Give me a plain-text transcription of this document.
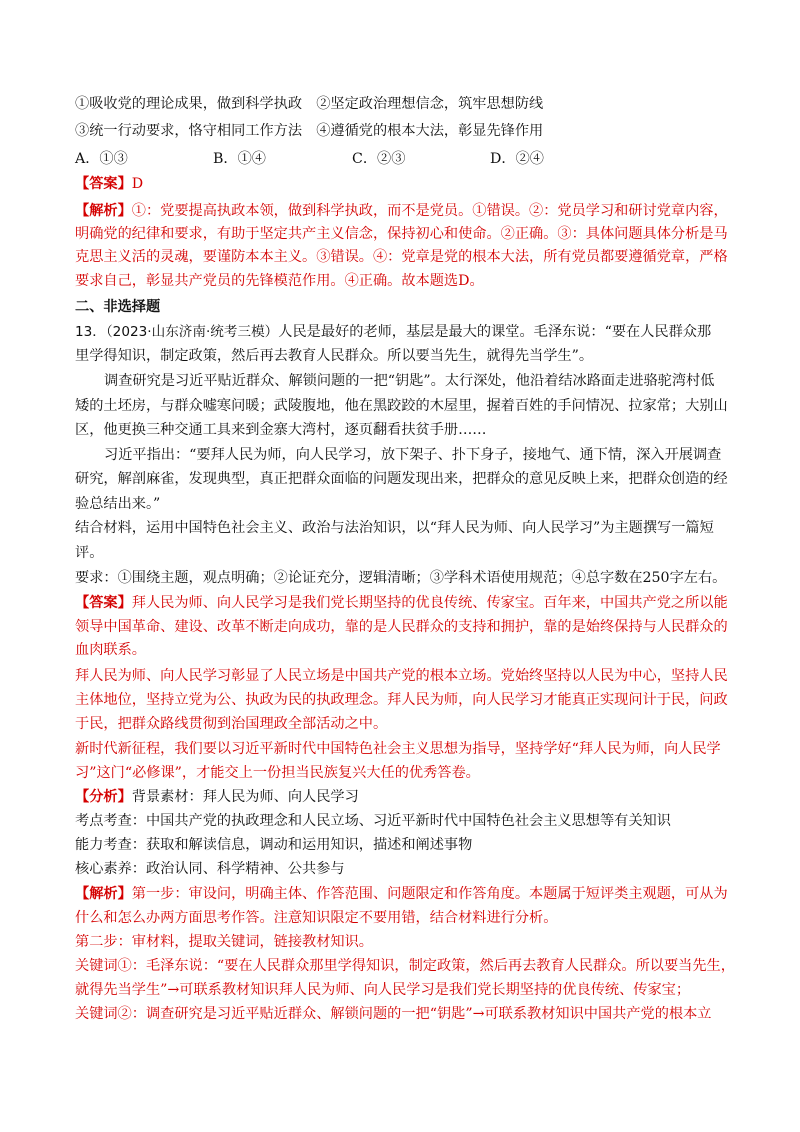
①吸收党的理论成果，做到科学执政　②坚定政治理想信念，筑牢思想防线
③统一行动要求，恪守相同工作方法　④遵循党的根本大法，彰显先锋作用
A．①③	B．①④	C．②③	D．②④
【答案】D
【解析】①：党要提高执政本领，做到科学执政，而不是党员。①错误。②：党员学习和研讨党章内容，
明确党的纪律和要求，有助于坚定共产主义信念，保持初心和使命。②正确。③：具体问题具体分析是马
克思主义活的灵魂，要谨防本本主义。③错误。④：党章是党的根本大法，所有党员都要遵循党章，严格
要求自己，彰显共产党员的先锋模范作用。④正确。故本题选D。
二、非选择题
13．（2023·山东济南·统考三模）人民是最好的老师，基层是最大的课堂。毛泽东说：“要在人民群众那
里学得知识，制定政策，然后再去教育人民群众。所以要当先生，就得先当学生”。
调查研究是习近平贴近群众、解锁问题的一把“钥匙”。太行深处，他沿着结冰路面走进骆驼湾村低
矮的土坯房，与群众嘘寒问暖；武陵腹地，他在黑跤跤的木屋里，握着百姓的手问情况、拉家常；大别山
区，他更换三种交通工具来到金寨大湾村，逐页翻看扶贫手册……
习近平指出：“要拜人民为师，向人民学习，放下架子、扑下身子，接地气、通下情，深入开展调查
研究，解剖麻雀，发现典型，真正把群众面临的问题发现出来，把群众的意见反映上来，把群众创造的经
验总结出来。”
结合材料，运用中国特色社会主义、政治与法治知识，以“拜人民为师、向人民学习”为主题撰写一篇短
评。
要求：①围绕主题，观点明确；②论证充分，逻辑清晰；③学科术语使用规范；④总字数在250字左右。
【答案】拜人民为师、向人民学习是我们党长期坚持的优良传统、传家宝。百年来，中国共产党之所以能
领导中国革命、建设、改革不断走向成功，靠的是人民群众的支持和拥护，靠的是始终保持与人民群众的
血肉联系。
拜人民为师、向人民学习彰显了人民立场是中国共产党的根本立场。党始终坚持以人民为中心，坚持人民
主体地位，坚持立党为公、执政为民的执政理念。拜人民为师，向人民学习才能真正实现问计于民，问政
于民，把群众路线贯彻到治国理政全部活动之中。
新时代新征程，我们要以习近平新时代中国特色社会主义思想为指导，坚持学好“拜人民为师，向人民学
习”这门“必修课”，才能交上一份担当民族复兴大任的优秀答卷。
【分析】背景素材：拜人民为师、向人民学习
考点考查：中国共产党的执政理念和人民立场、习近平新时代中国特色社会主义思想等有关知识
能力考查：获取和解读信息，调动和运用知识，描述和阐述事物
核心素养：政治认同、科学精神、公共参与
【解析】第一步：审设问，明确主体、作答范围、问题限定和作答角度。本题属于短评类主观题，可从为
什么和怎么办两方面思考作答。注意知识限定不要用错，结合材料进行分析。
第二步：审材料，提取关键词，链接教材知识。
关键词①：毛泽东说：“要在人民群众那里学得知识，制定政策，然后再去教育人民群众。所以要当先生，
就得先当学生”→可联系教材知识拜人民为师、向人民学习是我们党长期坚持的优良传统、传家宝；
关键词②：调查研究是习近平贴近群众、解锁问题的一把“钥匙”→可联系教材知识中国共产党的根本立
